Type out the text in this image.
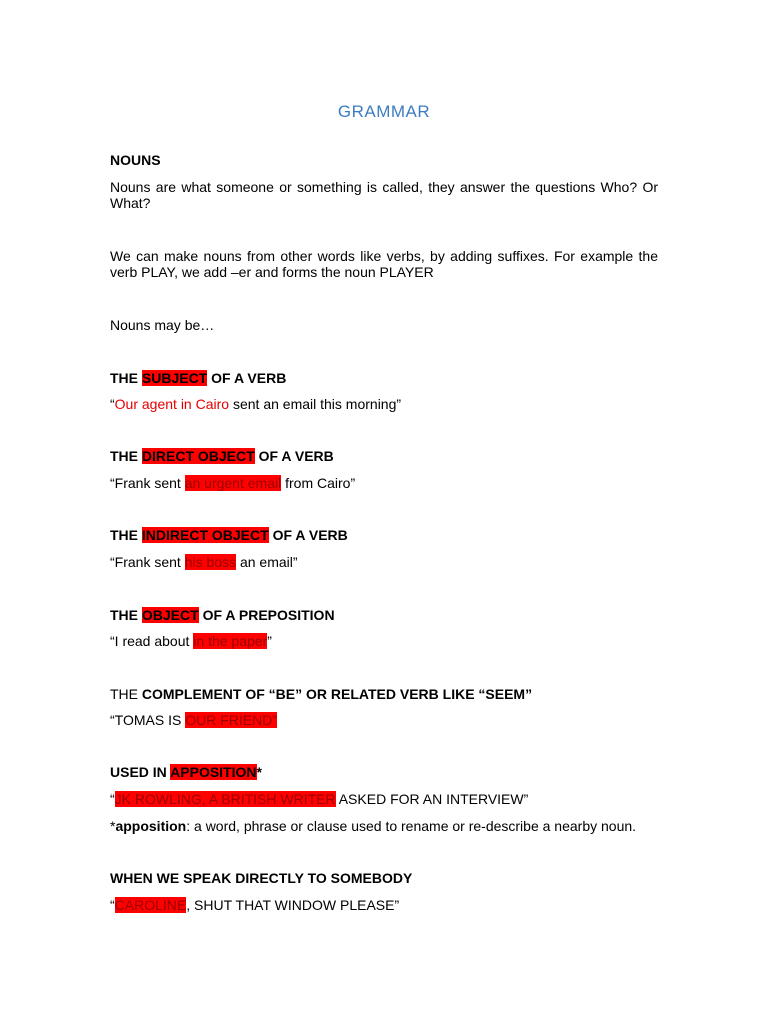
GRAMMAR
NOUNS
Nouns are what someone or something is called, they answer the questions Who? Or What?
We can make nouns from other words like verbs, by adding suffixes. For example the verb PLAY, we add –er and forms the noun PLAYER
Nouns may be…
THE SUBJECT OF A VERB
“Our agent in Cairo sent an email this morning”
THE DIRECT OBJECT OF A VERB
“Frank sent an urgent email from Cairo”
THE INDIRECT OBJECT OF A VERB
“Frank sent his boss an email”
THE OBJECT OF A PREPOSITION
“I read about in the paper”
THE COMPLEMENT OF “BE” OR RELATED VERB LIKE “SEEM”
“TOMAS IS OUR FRIEND”
USED IN APPOSITION*
“JK ROWLING, A BRITISH WRITER ASKED FOR AN INTERVIEW”
*apposition: a word, phrase or clause used to rename or re-describe a nearby noun.
WHEN WE SPEAK DIRECTLY TO SOMEBODY
“CAROLINE, SHUT THAT WINDOW PLEASE”
